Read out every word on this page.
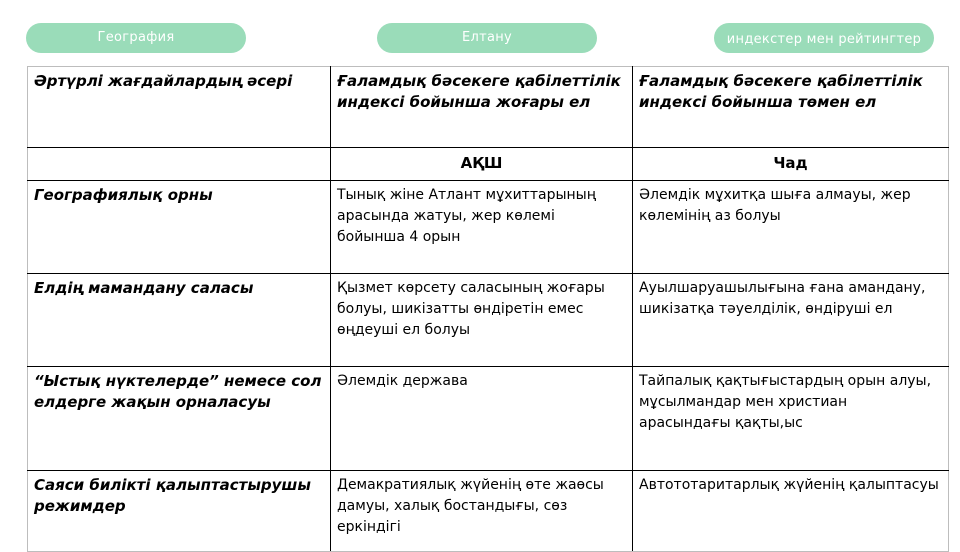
География	Елтану	индекстер мен рейтингтер
Әртүрлі жағдайлардың әсері	Ғаламдық бәсекеге қабілеттілік индексі бойынша жоғары ел	Ғаламдық бәсекеге қабілеттілік индексі бойынша төмен ел
	АҚШ	Чад
Географиялық орны	Тынық жіне Атлант мұхиттарының арасында жатуы, жер көлемі бойынша 4 орын	Әлемдік мұхитқа шыға алмауы, жер көлемінің аз болуы
Елдің мамандану саласы	Қызмет көрсету саласының жоғары болуы, шикізатты өндіретін емес өңдеуші ел болуы	Ауылшаруашылығына ғана амандану, шикізатқа тәуелділік, өндіруші ел
“Ыстық нүктелерде” немесе сол елдерге жақын орналасуы	Әлемдік держава	Тайпалық қақтығыстардың орын алуы, мұсылмандар мен христиан арасындағы қақты,ыс
Саяси билікті қалыптастырушы режимдер	Демакратиялық жүйенің өте жаөсы дамуы, халық бостандығы, сөз еркіндігі	Автототаритарлық жүйенің қалыптасуы
